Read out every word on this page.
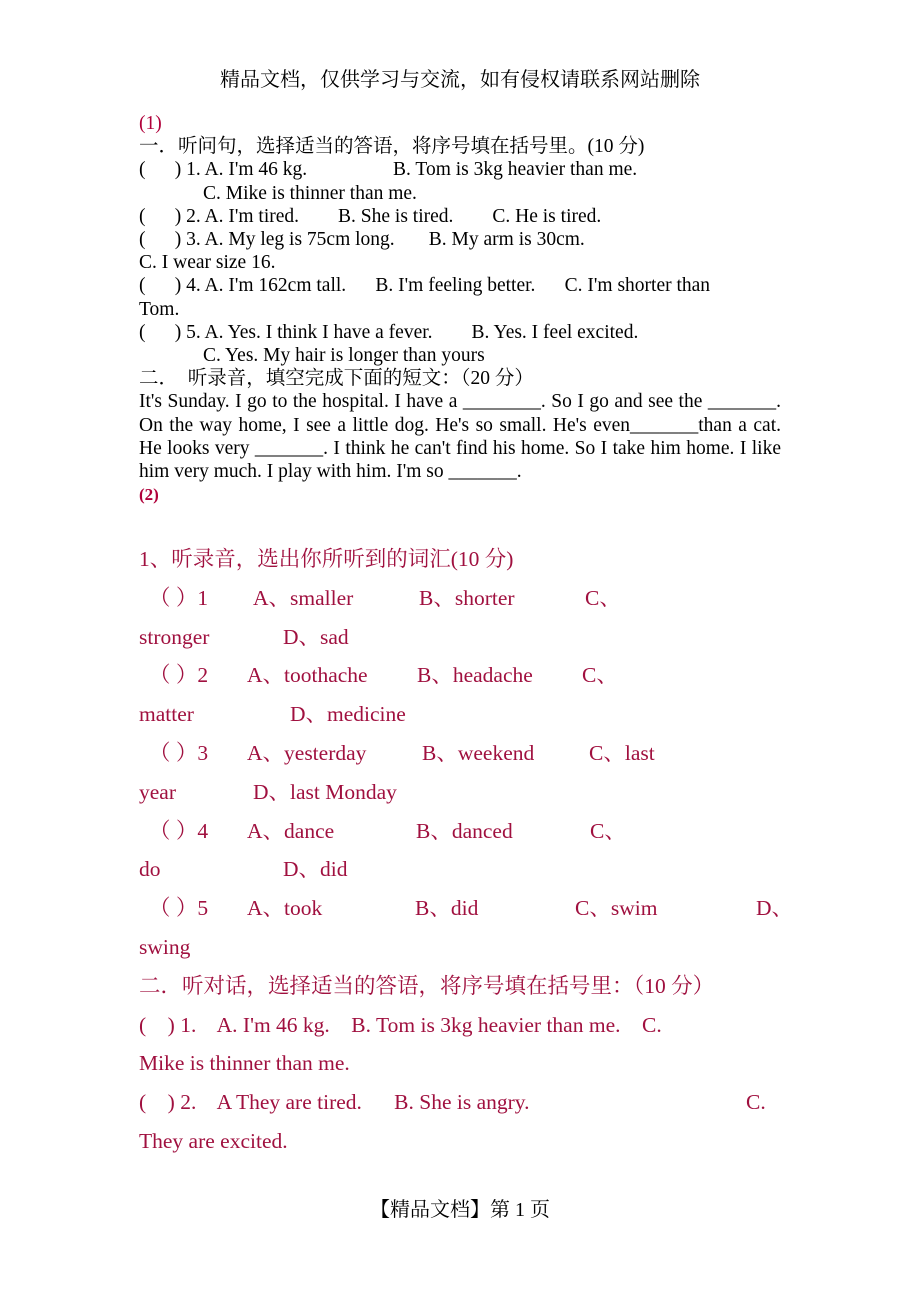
精品文档，仅供学习与交流，如有侵权请联系网站删除
(1)
一．听问句，选择适当的答语，将序号填在括号里。(10 分)
(      ) 1. A. I'm 46 kg.	B. Tom is 3kg heavier than me.
C. Mike is thinner than me.
(      ) 2. A. I'm tired.        B. She is tired.        C. He is tired.
(      ) 3. A. My leg is 75cm long.       B. My arm is 30cm.
C. I wear size 16.
(      ) 4. A. I'm 162cm tall.      B. I'm feeling better.      C. I'm shorter than
Tom.
(      ) 5. A. Yes. I think I have a fever.        B. Yes. I feel excited.
C. Yes. My hair is longer than yours
二．  听录音，填空完成下面的短文：（20 分）
It's Sunday. I go to the hospital. I have a ________. So I go and see the _______. On the way home, I see a little dog. He's so small. He's even_______than a cat. He looks very _______. I think he can't find his home. So I take him home. I like him very much. I play with him. I'm so _______.
(2)
1、听录音，选出你所听到的词汇(10 分)
（ ）1 A、smaller	B、shorter	C、
stronger	D、sad
（ ）2 A、toothache B、headache C、
matter	D、medicine
（ ）3 A、yesterday	B、weekend	C、last
year	D、last Monday
（ ）4 A、dance	B、danced	C、
do	D、did
（ ）5 A、took	B、did	C、swim	D、
swing
二．听对话，选择适当的答语，将序号填在括号里：（10 分）
(    ) 1.    A. I'm 46 kg.    B. Tom is 3kg heavier than me.    C.
Mike is thinner than me.
(    ) 2.    A They are tired.      B. She is angry.	C.
They are excited.
【精品文档】第 1 页
